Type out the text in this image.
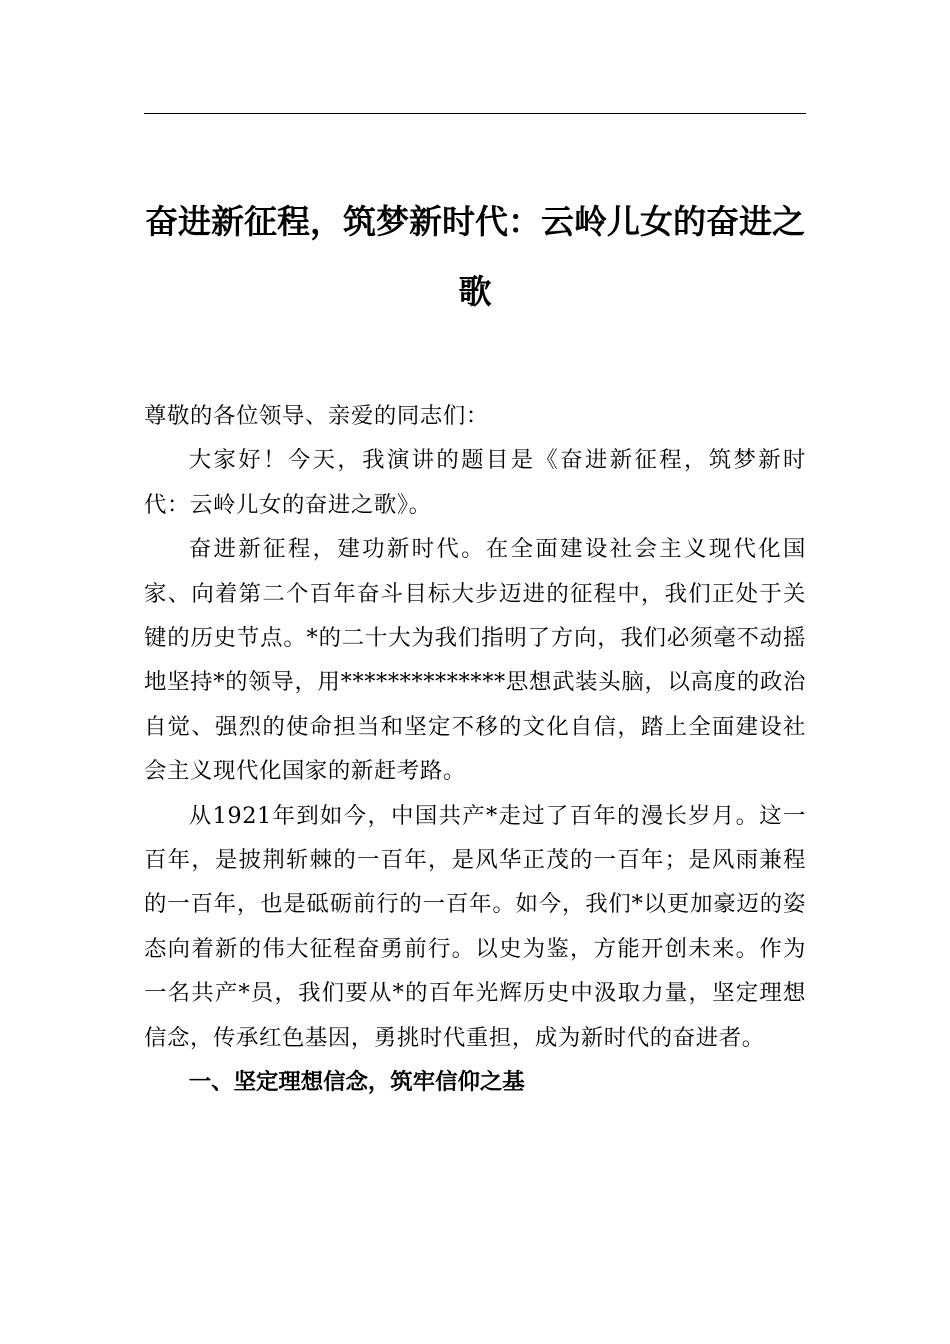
奋进新征程，筑梦新时代：云岭儿女的奋进之歌

尊敬的各位领导、亲爱的同志们：

大家好！今天，我演讲的题目是《奋进新征程，筑梦新时代：云岭儿女的奋进之歌》。

奋进新征程，建功新时代。在全面建设社会主义现代化国家、向着第二个百年奋斗目标大步迈进的征程中，我们正处于关键的历史节点。*的二十大为我们指明了方向，我们必须毫不动摇地坚持*的领导，用**************思想武装头脑，以高度的政治自觉、强烈的使命担当和坚定不移的文化自信，踏上全面建设社会主义现代化国家的新赶考路。

从1921年到如今，中国共产*走过了百年的漫长岁月。这一百年，是披荆斩棘的一百年，是风华正茂的一百年；是风雨兼程的一百年，也是砥砺前行的一百年。如今，我们*以更加豪迈的姿态向着新的伟大征程奋勇前行。以史为鉴，方能开创未来。作为一名共产*员，我们要从*的百年光辉历史中汲取力量，坚定理想信念，传承红色基因，勇挑时代重担，成为新时代的奋进者。

一、坚定理想信念，筑牢信仰之基
